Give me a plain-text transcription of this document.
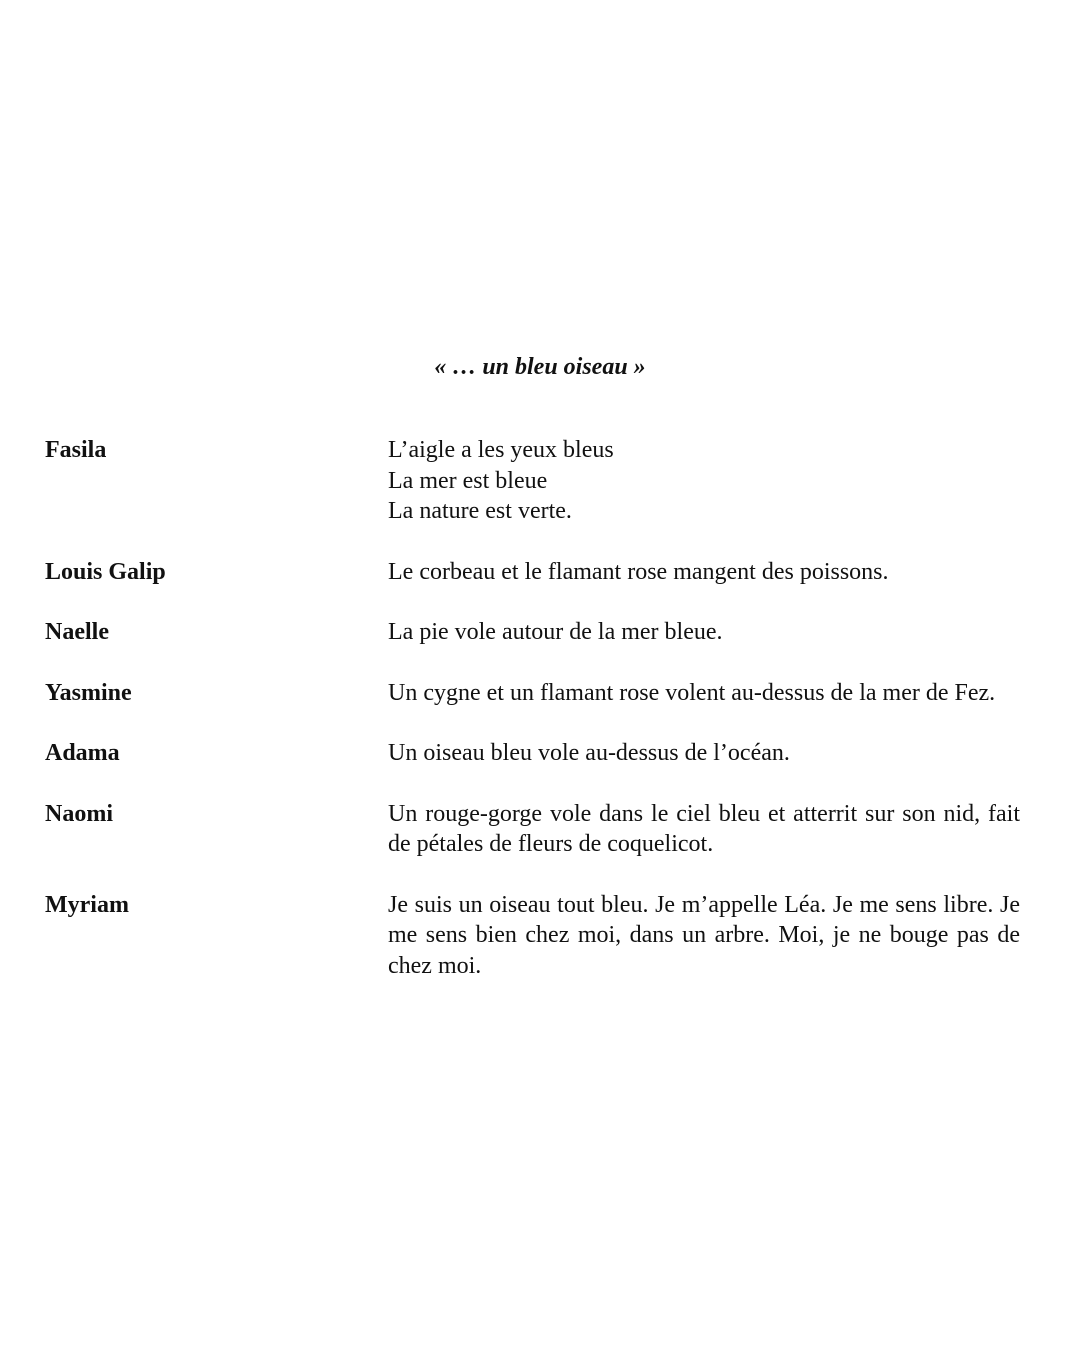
« … un bleu oiseau »
Fasila	L’aigle a les yeux bleus
La mer est bleue
La nature est verte.
Louis Galip	Le corbeau et le flamant rose mangent des poissons.
Naelle	La pie vole autour de la mer bleue.
Yasmine	Un cygne et un flamant rose volent au-dessus de la mer de Fez.
Adama	Un oiseau bleu vole au-dessus de l’océan.
Naomi	Un rouge-gorge vole dans le ciel bleu et atterrit sur son nid, fait de pétales de fleurs de coquelicot.
Myriam	Je suis un oiseau tout bleu. Je m’appelle Léa. Je me sens libre. Je me sens bien chez moi, dans un arbre. Moi, je ne bouge pas de chez moi.
